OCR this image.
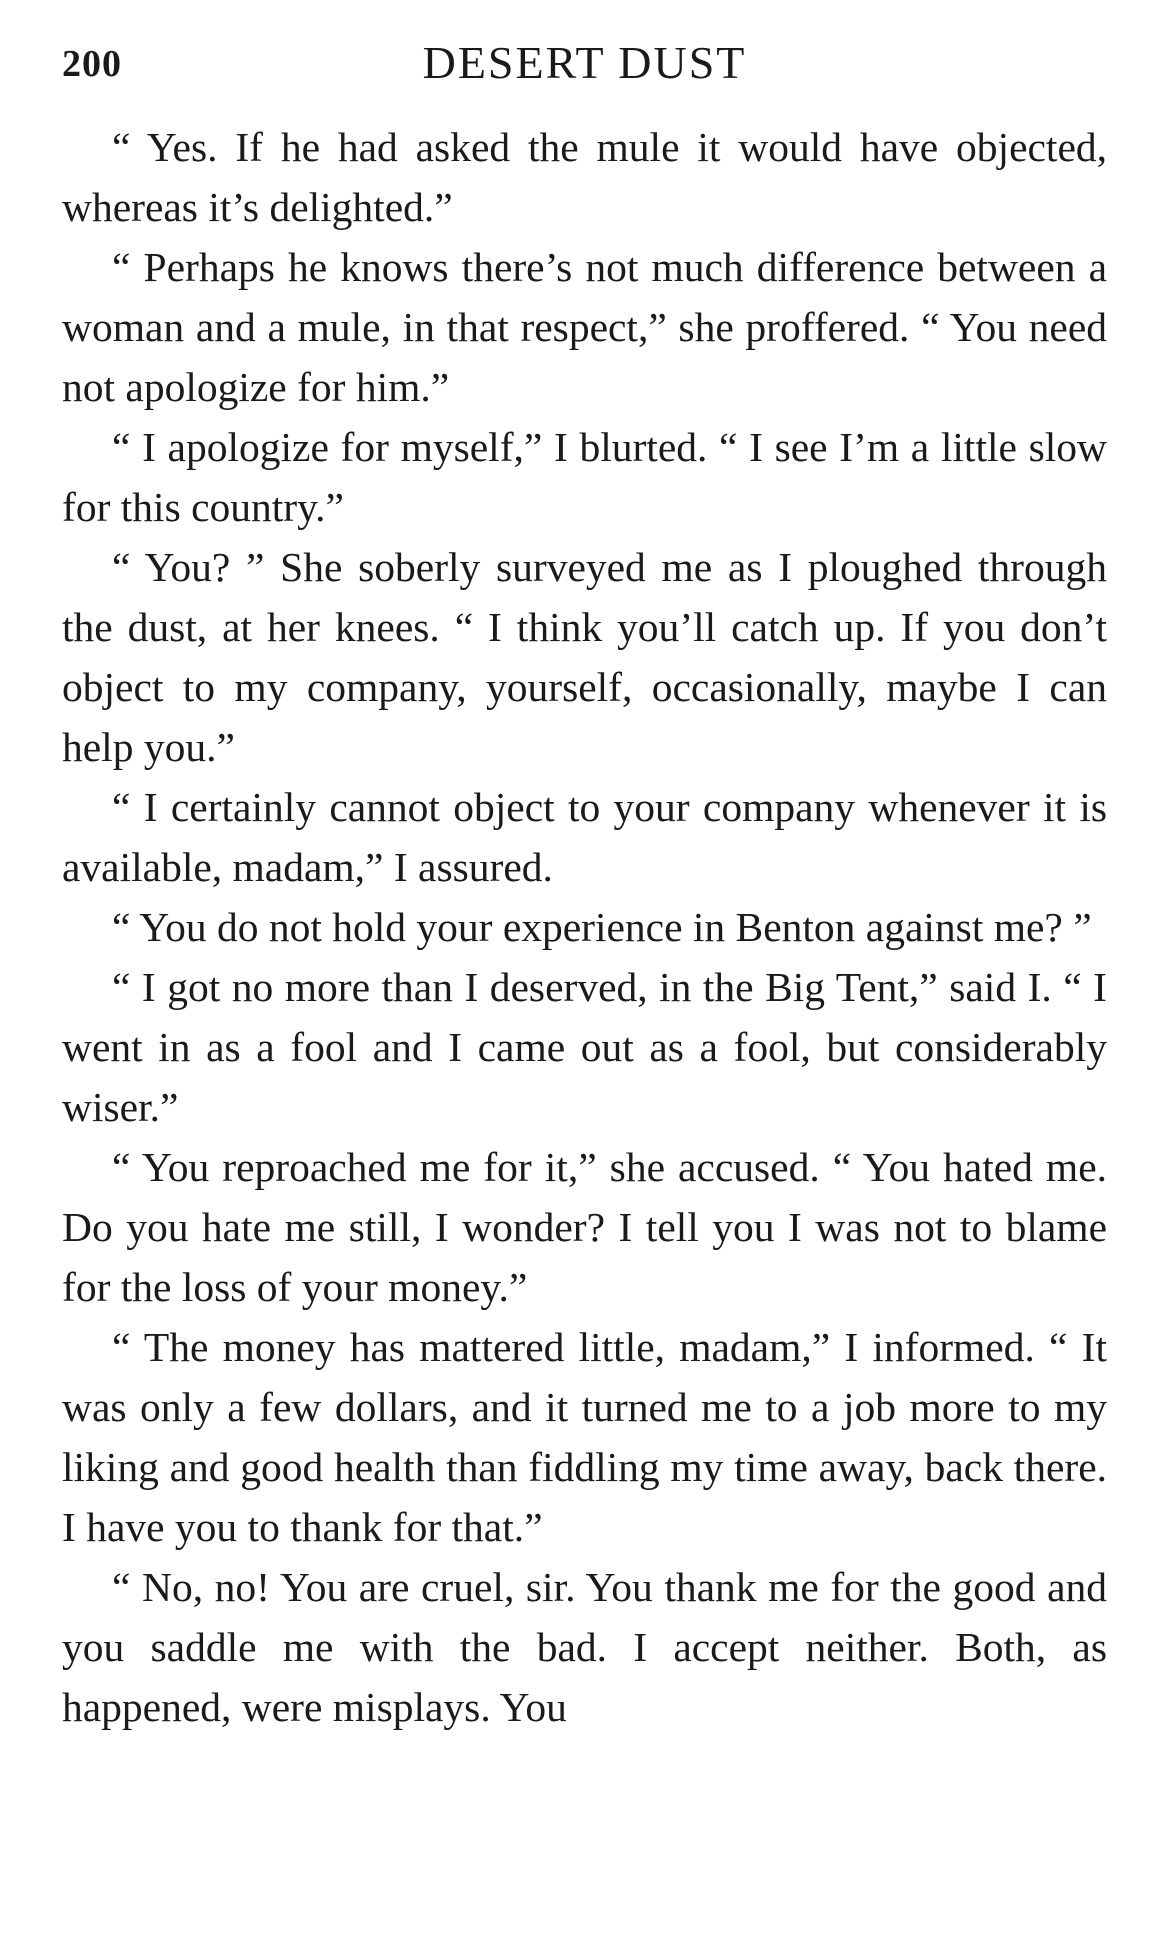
200	DESERT DUST

“ Yes. If he had asked the mule it would have objected, whereas it’s delighted.”

“ Perhaps he knows there’s not much difference between a woman and a mule, in that respect,” she proffered. “ You need not apologize for him.”

“ I apologize for myself,” I blurted. “ I see I’m a little slow for this country.”

“ You? ” She soberly surveyed me as I ploughed through the dust, at her knees. “ I think you’ll catch up. If you don’t object to my company, yourself, occasionally, maybe I can help you.”

“ I certainly cannot object to your company whenever it is available, madam,” I assured.

“ You do not hold your experience in Benton against me? ”

“ I got no more than I deserved, in the Big Tent,” said I. “ I went in as a fool and I came out as a fool, but considerably wiser.”

“ You reproached me for it,” she accused. “ You hated me. Do you hate me still, I wonder? I tell you I was not to blame for the loss of your money.”

“ The money has mattered little, madam,” I informed. “ It was only a few dollars, and it turned me to a job more to my liking and good health than fiddling my time away, back there. I have you to thank for that.”

“ No, no! You are cruel, sir. You thank me for the good and you saddle me with the bad. I accept neither. Both, as happened, were misplays. You
